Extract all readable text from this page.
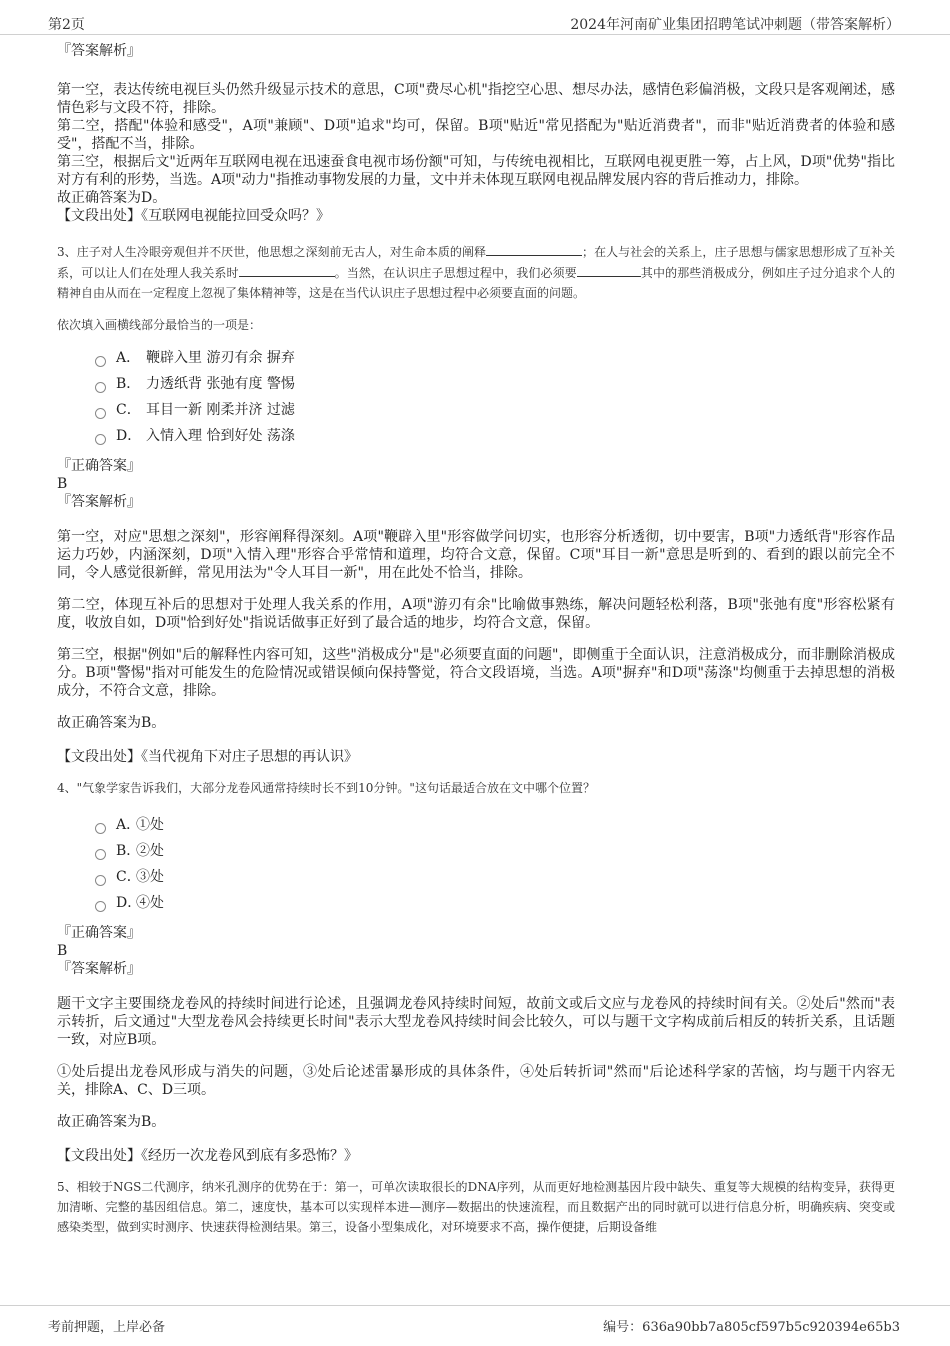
第2页	2024年河南矿业集团招聘笔试冲刺题（带答案解析）

『答案解析』

第一空，表达传统电视巨头仍然升级显示技术的意思，C项"费尽心机"指挖空心思、想尽办法，感情色彩偏消极，文段只是客观阐述，感情色彩与文段不符，排除。

第二空，搭配"体验和感受"，A项"兼顾"、D项"追求"均可，保留。B项"贴近"常见搭配为"贴近消费者"，而非"贴近消费者的体验和感受"，搭配不当，排除。

第三空，根据后文"近两年互联网电视在迅速蚕食电视市场份额"可知，与传统电视相比，互联网电视更胜一筹，占上风，D项"优势"指比对方有利的形势，当选。A项"动力"指推动事物发展的力量，文中并未体现互联网电视品牌发展内容的背后推动力，排除。

故正确答案为D。

【文段出处】《互联网电视能拉回受众吗？》

3、庄子对人生冷眼旁观但并不厌世，他思想之深刻前无古人，对生命本质的阐释	；在人与社会的关系上，庄子思想与儒家思想形成了互补关系，可以让人们在处理人我关系时	。当然，在认识庄子思想过程中，我们必须要	其中的那些消极成分，例如庄子过分追求个人的精神自由从而在一定程度上忽视了集体精神等，这是在当代认识庄子思想过程中必须要直面的问题。

依次填入画横线部分最恰当的一项是：

A． 鞭辟入里 游刃有余 摒弃
B． 力透纸背 张弛有度 警惕
C． 耳目一新 刚柔并济 过滤
D． 入情入理 恰到好处 荡涤

『正确答案』

B

『答案解析』

第一空，对应"思想之深刻"，形容阐释得深刻。A项"鞭辟入里"形容做学问切实，也形容分析透彻，切中要害，B项"力透纸背"形容作品运力巧妙，内涵深刻，D项"入情入理"形容合乎常情和道理，均符合文意，保留。C项"耳目一新"意思是听到的、看到的跟以前完全不同，令人感觉很新鲜，常见用法为"令人耳目一新"，用在此处不恰当，排除。

第二空，体现互补后的思想对于处理人我关系的作用，A项"游刃有余"比喻做事熟练，解决问题轻松利落，B项"张弛有度"形容松紧有度，收放自如，D项"恰到好处"指说话做事正好到了最合适的地步，均符合文意，保留。

第三空，根据"例如"后的解释性内容可知，这些"消极成分"是"必须要直面的问题"，即侧重于全面认识，注意消极成分，而非删除消极成分。B项"警惕"指对可能发生的危险情况或错误倾向保持警觉，符合文段语境，当选。A项"摒弃"和D项"荡涤"均侧重于去掉思想的消极成分，不符合文意，排除。

故正确答案为B。

【文段出处】《当代视角下对庄子思想的再认识》

4、"气象学家告诉我们，大部分龙卷风通常持续时长不到10分钟。"这句话最适合放在文中哪个位置？

A．
①处
B．
②处
C．
③处
D．
④处

『正确答案』

B

『答案解析』

题干文字主要围绕龙卷风的持续时间进行论述，且强调龙卷风持续时间短，故前文或后文应与龙卷风的持续时间有关。②处后"然而"表示转折，后文通过"大型龙卷风会持续更长时间"表示大型龙卷风持续时间会比较久，可以与题干文字构成前后相反的转折关系，且话题一致，对应B项。

①处后提出龙卷风形成与消失的问题，③处后论述雷暴形成的具体条件，④处后转折词"然而"后论述科学家的苦恼，均与题干内容无关，排除A、C、D三项。

故正确答案为B。

【文段出处】《经历一次龙卷风到底有多恐怖？》

5、相较于NGS二代测序，纳米孔测序的优势在于：第一，可单次读取很长的DNA序列，从而更好地检测基因片段中缺失、重复等大规模的结构变异，获得更加清晰、完整的基因组信息。第二，速度快，基本可以实现样本进—测序—数据出的快速流程，而且数据产出的同时就可以进行信息分析，明确疾病、突变或感染类型，做到实时测序、快速获得检测结果。第三，设备小型集成化，对环境要求不高，操作便捷，后期设备维

考前押题，上岸必备	编号：636a90bb7a805cf597b5c920394e65b3
